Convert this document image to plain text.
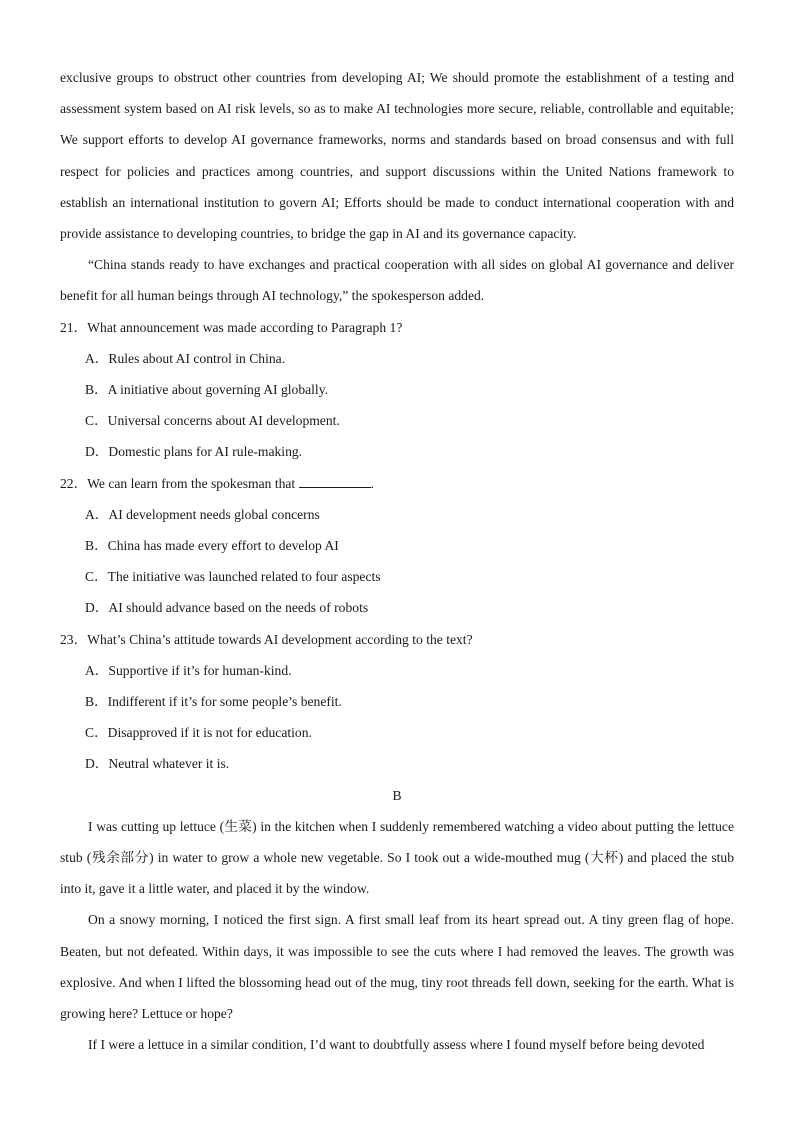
exclusive groups to obstruct other countries from developing AI; We should promote the establishment of a testing and assessment system based on AI risk levels, so as to make AI technologies more secure, reliable, controllable and equitable; We support efforts to develop AI governance frameworks, norms and standards based on broad consensus and with full respect for policies and practices among countries, and support discussions within the United Nations framework to establish an international institution to govern AI; Efforts should be made to conduct international cooperation with and provide assistance to developing countries, to bridge the gap in AI and its governance capacity.

“China stands ready to have exchanges and practical cooperation with all sides on global AI governance and deliver benefit for all human beings through AI technology,” the spokesperson added.

21．What announcement was made according to Paragraph 1?

A．Rules about AI control in China.

B．A initiative about governing AI globally.

C．Universal concerns about AI development.

D．Domestic plans for AI rule-making.

22．We can learn from the spokesman that	.

A．AI development needs global concerns

B．China has made every effort to develop AI

C．The initiative was launched related to four aspects

D．AI should advance based on the needs of robots

23．What’s China’s attitude towards AI development according to the text?

A．Supportive if it’s for human-kind.

B．Indifferent if it’s for some people’s benefit.

C．Disapproved if it is not for education.

D．Neutral whatever it is.

B

I was cutting up lettuce (生菜) in the kitchen when I suddenly remembered watching a video about putting the lettuce stub (残余部分) in water to grow a whole new vegetable. So I took out a wide-mouthed mug (大杯) and placed the stub into it, gave it a little water, and placed it by the window.

On a snowy morning, I noticed the first sign. A first small leaf from its heart spread out. A tiny green flag of hope. Beaten, but not defeated. Within days, it was impossible to see the cuts where I had removed the leaves. The growth was explosive. And when I lifted the blossoming head out of the mug, tiny root threads fell down, seeking for the earth. What is growing here? Lettuce or hope?

If I were a lettuce in a similar condition, I’d want to doubtfully assess where I found myself before being devoted
